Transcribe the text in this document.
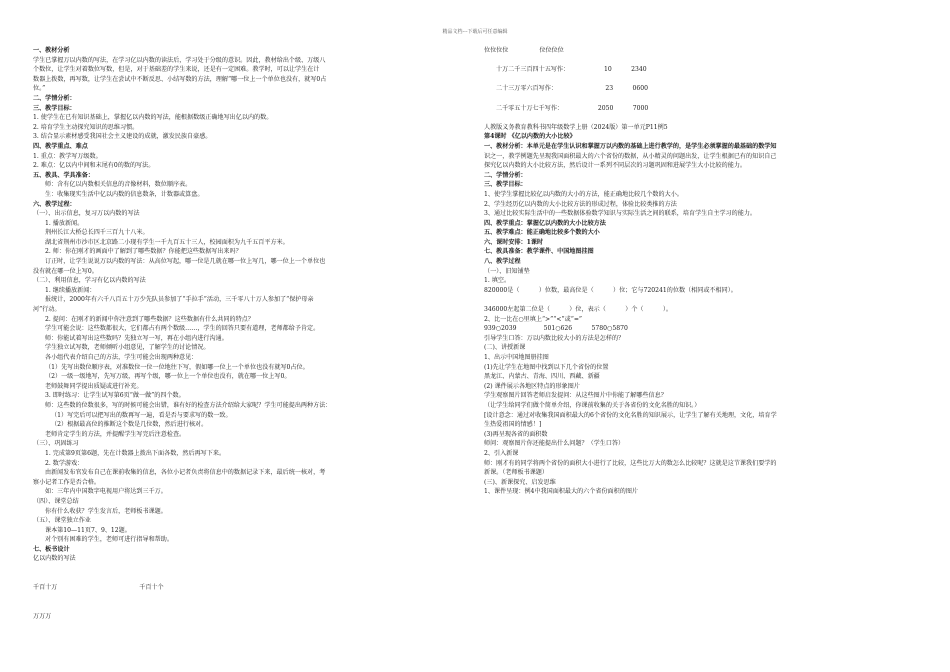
精品文档---下载后可任意编辑
一、教材分析
学生已掌握万以内数的写法，在学习亿以内数的读法后，学习处于分级的意识。因此，教材给出个级、万级八
个数位，让学生对着数位写数，但是，对于基础差的学生来说，还是有一定困难。教学时，可以让学生在计
数器上拨数，再写数，让学生在尝试中不断反思、小结写数的方法，理解“哪一位上一个单位也没有，就写0占
位。”
二、学情分析：
三、教学目标：
1. 使学生在已有知识基础上，掌握亿以内数的写法，能根据数级正确地写出亿以内的数。
2. 培育学生主动探究知识的思维习惯。
3. 结合显示素材感受我国社会主义建设的成就，激发民族自豪感。
四、教学重点、难点
1. 重点：教学写万级数。
2. 难点：亿以内中间和末尾有0的数的写法。
五、教具、学具准备：
师：含有亿以内数相关信息的音像材料，数位顺序表。
生：收集现实生活中亿以内数的信息数条，计数器或算盘。
六、教学过程：
（一）、出示信息，复习万以内数的写法
1. 播放新闻。
荆州长江大桥总长四千三百九十八米。
湖北省荆州市沙市区北京路二小现有学生一千九百五十三人，校园面积为九千五百平方米。
2. 师：你在刚才的画面中了解到了哪些数据？你能把这些数据写出来吗？
订正时，让学生说说万以内数的写法：从高位写起，哪一位是几就在哪一位上写几，哪一位上一个单位也
没有就在哪一位上写0。
（二）、利用信息，学习有亿以内数的写法
1. 继续播放新闻：
报统计，2000年有六千八百五十万少先队员参加了“手拉手”活动，三千零八十万人参加了“保护母亲
河”行动。
2. 提问：在刚才的新闻中你注意到了哪些数据？这些数据有什么共同的特点？
学生可能会说：这些数都很大，它们都占有两个数级……，学生的回答只要有道理，老师都给予肯定。
师：你能试着写出这些数吗？先独立写一写，再在小组内进行沟通。
学生独立试写数，老师倾听小组意见，了解学生的讨论情况。
各小组代表介绍自己的方法，学生可能会出现两种意见：
（1）先写出数位顺序表，对准数位一位一位地往下写，假如哪一位上一个单位也没有就写0占位。
（2）一级一级地写，先写万级，再写个级，哪一位上一个单位也没有，就在哪一位上写0。
老师鼓舞同学提出质疑或进行补充。
3. 即时练习：让学生试写第6页“做一做”的四个数。
师：这些数的位数很多，写的时候可能会出错，谁有好的检查方法介绍给大家呢？学生可能提出两种方法：
（1）写完后可以把写出的数再写一遍，看是否与要求写的数一致。
（2）根据最高位的推断这个数是几位数，然后进行核对。
老师肯定学生的方法，并提醒学生写完后注意检查。
（三）、巩固练习
1. 完成第9页第6题，先在计数器上拨出下面各数，然后再写下来。
2. 数学游戏：
由新闻发布官发布自己在课前收集的信息，各位小记者负责将信息中的数据记录下来，最后统一核对，考
察小记者工作是否合格。
如：三年内中国数字电视用户将达到三千万。
（四）、课堂总结
你有什么收获？学生发言后，老师板书课题。
（五）、课堂独立作业
课本第10—11页7、9、12题。
对个别有困难的学生，老师可进行指导和帮助。
七、板书设计
亿以内数的写法
千百十万	千百十个
万万万
位位位位                位位位位
十万二千三百四十五写作：                  10          2340
二十三万零六百写作：                         23          0600
二千零五十万七千写作：                  2050          7000
人教版义务教育教科书四年级数学上册（2024版）第一单元P11例5
第4课时 《亿以内数的大小比较》
一、教材分析：本单元是在学生认识和掌握万以内数的基础上进行教学的，是学生必须掌握的最基础的数学知
识之一，教学例题先呈现我国面积最大的六个省份的数据，从小精灵的问题出发，让学生根据已有的知识自己
探究亿以内数的大小比较方法，然后设计一系列不同层次的习题巩固和进展学生大小比较的能力。
二、学情分析：
三、教学目标：
1、使学生掌握比较亿以内数的大小的方法，能正确地比较几个数的大小。
2、学生经历亿以内数的大小比较方法的形成过程，体验比较类推的方法
3、通过比较实际生活中的一些数据体验数学知识与实际生活之间的联系，培育学生自主学习的能力。
四、教学重点：掌握亿以内数的大小比较方法
五、教学难点：能正确地比较多个数的大小
六、课时安排：1课时
七、教具准备：教学课件、中国地图挂图
八、教学过程
（一）、旧知铺垫
1. 填空。
820000是（          ）位数，最高位是（          ）位；它与720241的位数（相同或不相同）。
346000左起第二位是（          ）位，表示（          ）个（          ）。
2、比一比在○里填上“>”“<”或“=”
939○2039              501○626          5780○5870
引导学生口答：万以内数比较大小的方法是怎样的？
(二)、讲授新课
1、出示中国地图册挂图
(1)先让学生在地图中找到以下几个省份的位置
黑龙江、内蒙古、青海、四川、西藏、新疆
(2) 课件展示各地区特点的形象图片
学生观察图片回答老师启发提问：从这些图片中你能了解哪些信息？
（让学生给同学们做个简单介绍，你课前收集的关于各省份的文化名胜的知识。）
[设计意念：通过对收集我国面积最大的6个省份的文化名胜的知识展示，让学生了解有关地理，文化，培育学
生热爱祖国的情感！]
(3)再呈现各省的面积数
师问：观察图片你还能提出什么问题？（学生口答）
2、引入新课
师：刚才有的同学将两个省份的面积大小进行了比较，这些比万大的数怎么比较呢？这就是这节课我们要学的
新课。（老师板书课题）
(三)、新课探究、启发思维
1、课件呈现：例4中我国面积最大的六个省份面积的图片
